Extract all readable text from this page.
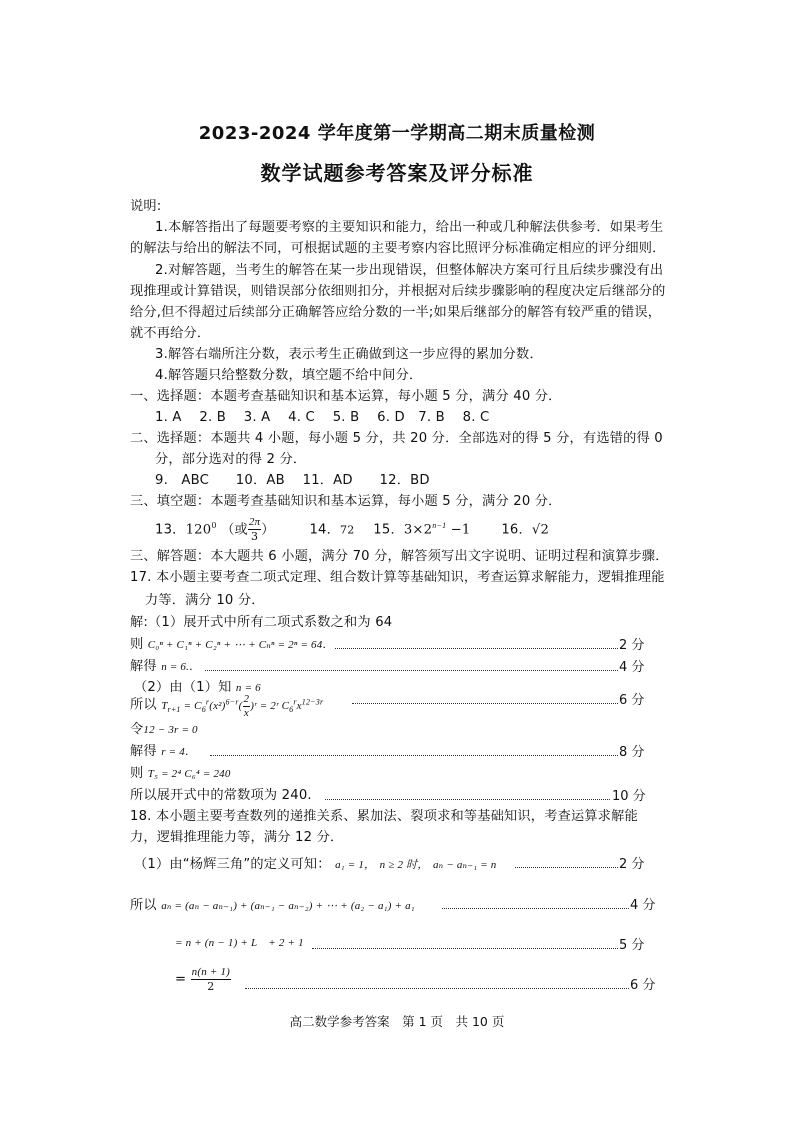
2023-2024 学年度第一学期高二期末质量检测
数学试题参考答案及评分标准
说明:
1.本解答指出了每题要考察的主要知识和能力，给出一种或几种解法供参考．如果考生
的解法与给出的解法不同，可根据试题的主要考察内容比照评分标准确定相应的评分细则．
2.对解答题，当考生的解答在某一步出现错误，但整体解决方案可行且后续步骤没有出
现推理或计算错误，则错误部分依细则扣分，并根据对后续步骤影响的程度决定后继部分的
给分,但不得超过后续部分正确解答应给分数的一半;如果后继部分的解答有较严重的错误，
就不再给分．
3.解答右端所注分数，表示考生正确做到这一步应得的累加分数．
4.解答题只给整数分数，填空题不给中间分．
一、选择题：本题考查基础知识和基本运算，每小题 5 分，满分 40 分．
1. A　 2. B　 3. A　 4. C　 5. B　 6. D　7. B　 8. C
二、选择题：本题共 4 小题，每小题 5 分，共 20 分．全部选对的得 5 分，有选错的得 0
分，部分选对的得 2 分．
9.　ABC　　10．AB　 11．AD　　12．BD
三、填空题：本题考查基础知识和基本运算，每小题 5 分，满分 20 分．
13．$120^0$ （或 $\frac{2\pi}{3}$ ）	14．72 15．$3\times 2^{n-1} -1$ 16．√2
三、解答题：本大题共 6 小题，满分 70 分，解答须写出文字说明、证明过程和演算步骤．
17. 本小题主要考查二项式定理、组合数计算等基础知识，考查运算求解能力，逻辑推理能
力等．满分 10 分．
解:（1）展开式中所有二项式系数之和为 64
则 C₀ⁿ + C₁ⁿ + C₂ⁿ + ⋯ + Cₙⁿ = 2ⁿ = 64．	2 分
解得 n = 6.．	4 分
（2）由（1）知 n = 6
所以 $T_{r+1} = C_6^r(x^2)^{6-r}( \frac{2}{x}$ )ʳ = 2ʳ $C_6^rx^{12-3r}$	6 分
令12 − 3r = 0
解得 r = 4．	8 分
则 T₅ = 2⁴ C₆⁴ = 240
所以展开式中的常数项为 240.	10 分
18. 本小题主要考查数列的递推关系、累加法、裂项求和等基础知识，考查运算求解能
力，逻辑推理能力等，满分 12 分．
（1）由“杨辉三角”的定义可知： a₁ = 1， n ≥ 2 时， aₙ − aₙ₋₁ = n	2 分
所以 aₙ = (aₙ − aₙ₋₁) + (aₙ₋₁ − aₙ₋₂) + ⋯ + (a₂ − a₁) + a₁	4 分
= n + (n − 1) + L　+ 2 + 1	5 分
= $\frac{n(n + 1)}{2}$	6 分
高二数学参考答案　第 1 页　共 10 页
